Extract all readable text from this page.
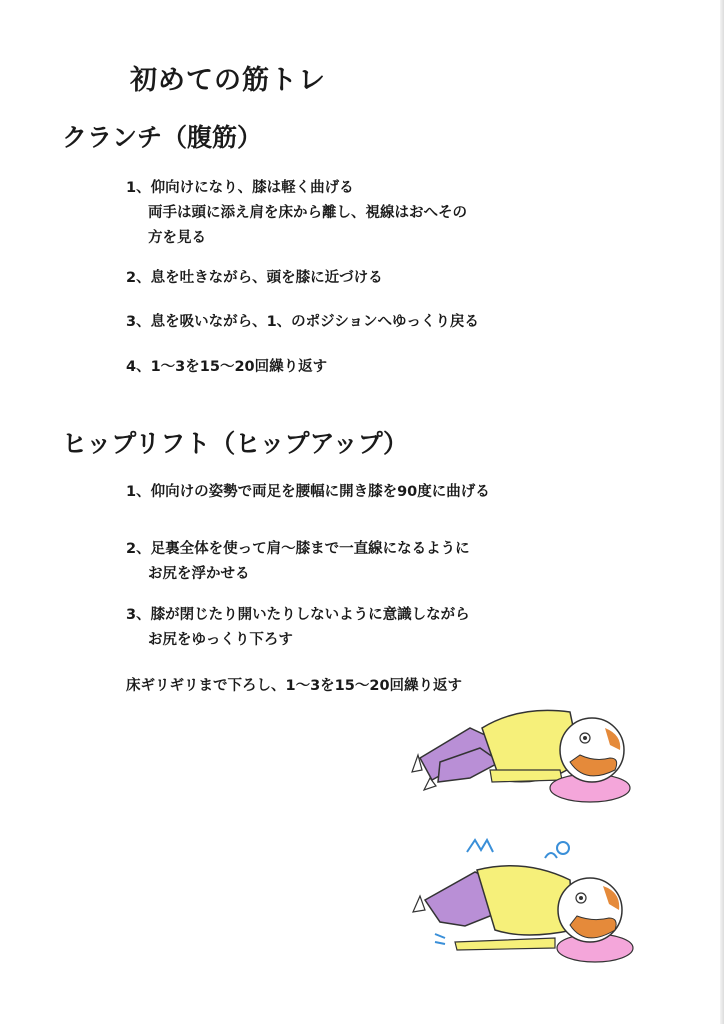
初めての筋トレ
クランチ（腹筋）
1、仰向けになり、膝は軽く曲げる
両手は頭に添え肩を床から離し、視線はおへその
方を見る
2、息を吐きながら、頭を膝に近づける
3、息を吸いながら、1、のポジションへゆっくり戻る
4、1～3を15～20回繰り返す
ヒップリフト（ヒップアップ）
1、仰向けの姿勢で両足を腰幅に開き膝を90度に曲げる
2、足裏全体を使って肩～膝まで一直線になるように
お尻を浮かせる
3、膝が閉じたり開いたりしないように意識しながら
お尻をゆっくり下ろす
床ギリギリまで下ろし、1～3を15～20回繰り返す
